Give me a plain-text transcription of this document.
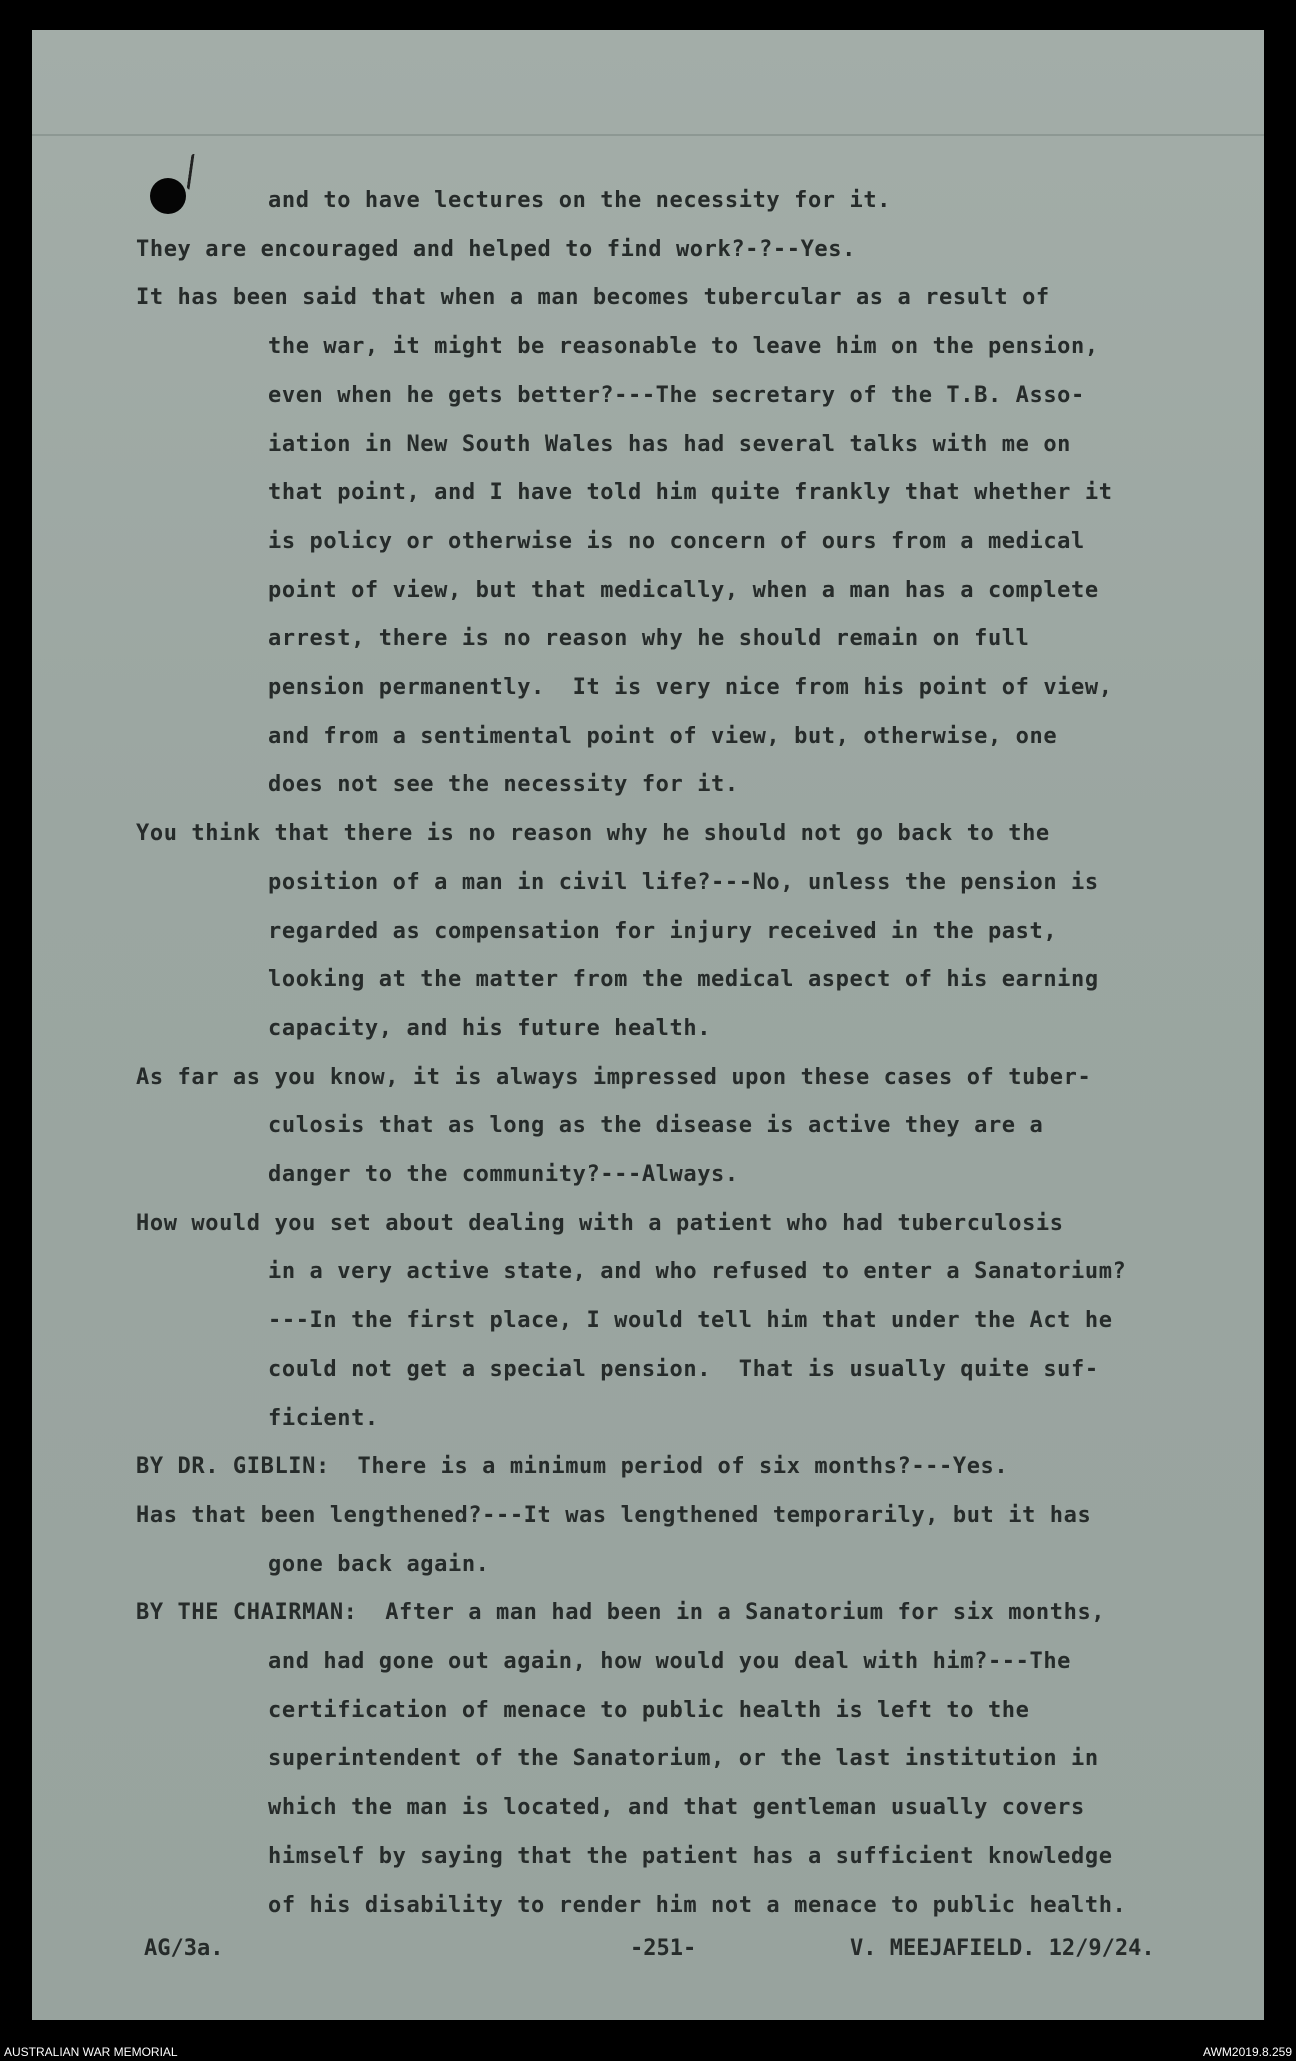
and to have lectures on the necessity for it.
They are encouraged and helped to find work?-?--Yes.
It has been said that when a man becomes tubercular as a result of
the war, it might be reasonable to leave him on the pension,
even when he gets better?---The secretary of the T.B. Asso-
iation in New South Wales has had several talks with me on
that point, and I have told him quite frankly that whether it
is policy or otherwise is no concern of ours from a medical
point of view, but that medically, when a man has a complete
arrest, there is no reason why he should remain on full
pension permanently.  It is very nice from his point of view,
and from a sentimental point of view, but, otherwise, one
does not see the necessity for it.
You think that there is no reason why he should not go back to the
position of a man in civil life?---No, unless the pension is
regarded as compensation for injury received in the past,
looking at the matter from the medical aspect of his earning
capacity, and his future health.
As far as you know, it is always impressed upon these cases of tuber-
culosis that as long as the disease is active they are a
danger to the community?---Always.
How would you set about dealing with a patient who had tuberculosis
in a very active state, and who refused to enter a Sanatorium?
---In the first place, I would tell him that under the Act he
could not get a special pension.  That is usually quite suf-
ficient.
BY DR. GIBLIN:  There is a minimum period of six months?---Yes.
Has that been lengthened?---It was lengthened temporarily, but it has
gone back again.
BY THE CHAIRMAN:  After a man had been in a Sanatorium for six months,
and had gone out again, how would you deal with him?---The
certification of menace to public health is left to the
superintendent of the Sanatorium, or the last institution in
which the man is located, and that gentleman usually covers
himself by saying that the patient has a sufficient knowledge
of his disability to render him not a menace to public health.
AG/3a.	-251-	V. MEEJAFIELD. 12/9/24.
AUSTRALIAN WAR MEMORIAL	AWM2019.8.259
